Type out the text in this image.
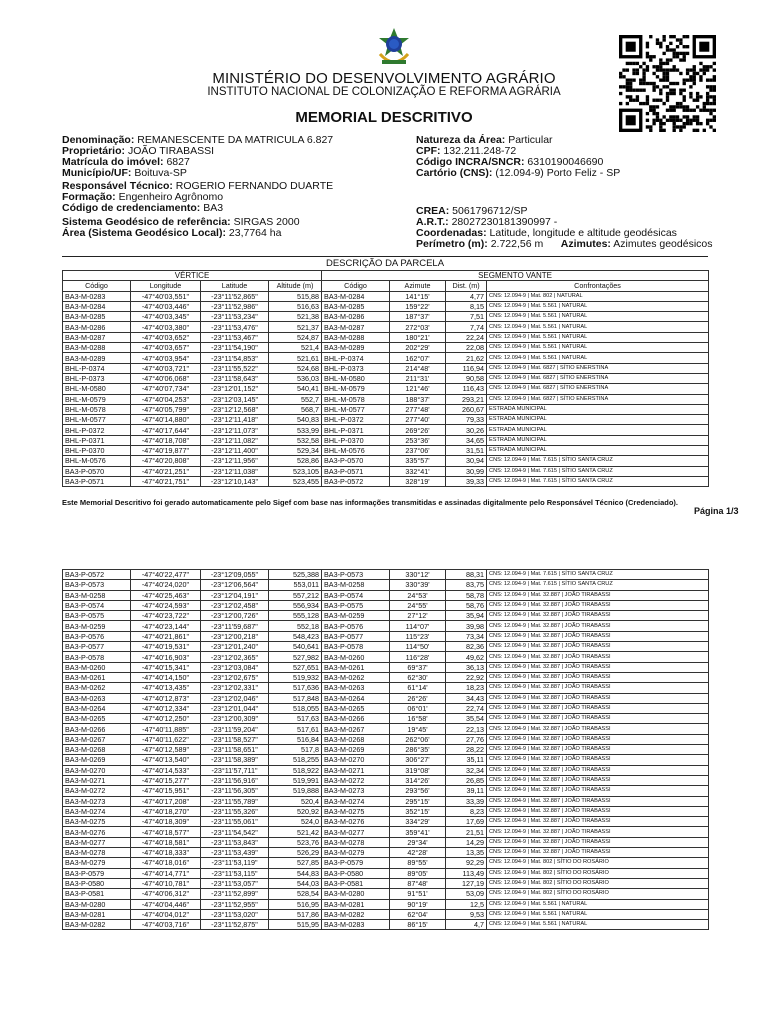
MINISTÉRIO DO DESENVOLVIMENTO AGRÁRIO
INSTITUTO NACIONAL DE COLONIZAÇÃO E REFORMA AGRÁRIA
MEMORIAL DESCRITIVO
Denominação: REMANESCENTE DA MATRICULA 6.827
Proprietário: JOÃO TIRABASSI
Matrícula do imóvel: 6827
Município/UF: Boituva-SP
Natureza da Área: Particular
CPF: 132.211.248-72
Código INCRA/SNCR: 6310190046690
Cartório (CNS): (12.094-9) Porto Feliz - SP
Responsável Técnico: ROGERIO FERNANDO DUARTE
Formação: Engenheiro Agrônomo
Código de credenciamento: BA3
Sistema Geodésico de referência: SIRGAS 2000
Área (Sistema Geodésico Local): 23,7764 ha
CREA: 5061796712/SP
A.R.T.: 28027230181390997 -
Coordenadas: Latitude, longitude e altitude geodésicas
Perímetro (m): 2.722,56 m Azimutes: Azimutes geodésicos
DESCRIÇÃO DA PARCELA
VÉRTICE				SEGMENTO VANTE			
Código	Longitude	Latitude	Altitude (m)	Código	Azimute	Dist. (m)	Confrontações
BA3-M-0283	-47°40'03,551"	-23°11'52,865"	515,88	BA3-M-0284	141°15'	4,77	CNS: 12.094-9 | Mat. 802 | NATURAL
BA3-M-0284	-47°40'03,446"	-23°11'52,986"	516,63	BA3-M-0285	159°22'	8,15	CNS: 12.094-9 | Mat. 5.561 | NATURAL
BA3-M-0285	-47°40'03,345"	-23°11'53,234"	521,38	BA3-M-0286	187°37'	7,51	CNS: 12.094-9 | Mat. 5.561 | NATURAL
BA3-M-0286	-47°40'03,380"	-23°11'53,476"	521,37	BA3-M-0287	272°03'	7,74	CNS: 12.094-9 | Mat. 5.561 | NATURAL
BA3-M-0287	-47°40'03,652"	-23°11'53,467"	524,87	BA3-M-0288	180°21'	22,24	CNS: 12.094-9 | Mat. 5.561 | NATURAL
BA3-M-0288	-47°40'03,657"	-23°11'54,190"	521,4	BA3-M-0289	202°29'	22,08	CNS: 12.094-9 | Mat. 5.561 | NATURAL
BA3-M-0289	-47°40'03,954"	-23°11'54,853"	521,61	BHL-P-0374	162°07'	21,62	CNS: 12.094-9 | Mat. 5.561 | NATURAL
BHL-P-0374	-47°40'03,721"	-23°11'55,522"	524,68	BHL-P-0373	214°48'	116,94	CNS: 12.094-9 | Mat. 6827 | SÍTIO ENERSTINA
BHL-P-0373	-47°40'06,068"	-23°11'58,643"	536,03	BHL-M-0580	211°31'	90,58	CNS: 12.094-9 | Mat. 6827 | SÍTIO ENERSTINA
BHL-M-0580	-47°40'07,734"	-23°12'01,152"	540,41	BHL-M-0579	121°46'	116,43	CNS: 12.094-9 | Mat. 6827 | SÍTIO ENERSTINA
BHL-M-0579	-47°40'04,253"	-23°12'03,145"	552,7	BHL-M-0578	188°37'	293,21	CNS: 12.094-9 | Mat. 6827 | SÍTIO ENERSTINA
BHL-M-0578	-47°40'05,799"	-23°12'12,568"	568,7	BHL-M-0577	277°48'	260,67	ESTRADA MUNICIPAL
BHL-M-0577	-47°40'14,880"	-23°12'11,418"	540,83	BHL-P-0372	277°40'	79,33	ESTRADA MUNICIPAL
BHL-P-0372	-47°40'17,644"	-23°12'11,073"	533,99	BHL-P-0371	269°26'	30,26	ESTRADA MUNICIPAL
BHL-P-0371	-47°40'18,708"	-23°12'11,082"	532,58	BHL-P-0370	253°36'	34,65	ESTRADA MUNICIPAL
BHL-P-0370	-47°40'19,877"	-23°12'11,400"	529,34	BHL-M-0576	237°06'	31,51	ESTRADA MUNICIPAL
BHL-M-0576	-47°40'20,808"	-23°12'11,956"	528,86	BA3-P-0570	335°57'	30,94	CNS: 12.094-9 | Mat. 7.615 | SÍTIO SANTA CRUZ
BA3-P-0570	-47°40'21,251"	-23°12'11,038"	523,105	BA3-P-0571	332°41'	30,99	CNS: 12.094-9 | Mat. 7.615 | SÍTIO SANTA CRUZ
BA3-P-0571	-47°40'21,751"	-23°12'10,143"	523,455	BA3-P-0572	328°19'	39,33	CNS: 12.094-9 | Mat. 7.615 | SÍTIO SANTA CRUZ
Este Memorial Descritivo foi gerado automaticamente pelo Sigef com base nas informações transmitidas e assinadas digitalmente pelo Responsável Técnico (Credenciado).
Página 1/3
BA3-P-0572	-47°40'22,477"	-23°12'09,055"	525,388	BA3-P-0573	330°12'	88,31	CNS: 12.094-9 | Mat. 7.615 | SÍTIO SANTA CRUZ
BA3-P-0573	-47°40'24,020"	-23°12'06,564"	553,011	BA3-M-0258	330°39'	83,75	CNS: 12.094-9 | Mat. 7.615 | SÍTIO SANTA CRUZ
BA3-M-0258	-47°40'25,463"	-23°12'04,191"	557,212	BA3-P-0574	24°53'	58,78	CNS: 12.094-9 | Mat. 32.887 | JOÃO TIRABASSI
BA3-P-0574	-47°40'24,593"	-23°12'02,458"	556,934	BA3-P-0575	24°55'	58,76	CNS: 12.094-9 | Mat. 32.887 | JOÃO TIRABASSI
BA3-P-0575	-47°40'23,722"	-23°12'00,726"	555,128	BA3-M-0259	27°12'	35,94	CNS: 12.094-9 | Mat. 32.887 | JOÃO TIRABASSI
BA3-M-0259	-47°40'23,144"	-23°11'59,687"	552,18	BA3-P-0576	114°07'	39,98	CNS: 12.094-9 | Mat. 32.887 | JOÃO TIRABASSI
BA3-P-0576	-47°40'21,861"	-23°12'00,218"	548,423	BA3-P-0577	115°23'	73,34	CNS: 12.094-9 | Mat. 32.887 | JOÃO TIRABASSI
BA3-P-0577	-47°40'19,531"	-23°12'01,240"	540,641	BA3-P-0578	114°50'	82,36	CNS: 12.094-9 | Mat. 32.887 | JOÃO TIRABASSI
BA3-P-0578	-47°40'16,903"	-23°12'02,365"	527,982	BA3-M-0260	116°28'	49,62	CNS: 12.094-9 | Mat. 32.887 | JOÃO TIRABASSI
BA3-M-0260	-47°40'15,341"	-23°12'03,084"	527,651	BA3-M-0261	69°37'	36,13	CNS: 12.094-9 | Mat. 32.887 | JOÃO TIRABASSI
BA3-M-0261	-47°40'14,150"	-23°12'02,675"	519,932	BA3-M-0262	62°30'	22,92	CNS: 12.094-9 | Mat. 32.887 | JOÃO TIRABASSI
BA3-M-0262	-47°40'13,435"	-23°12'02,331"	517,636	BA3-M-0263	61°14'	18,23	CNS: 12.094-9 | Mat. 32.887 | JOÃO TIRABASSI
BA3-M-0263	-47°40'12,873"	-23°12'02,046"	517,848	BA3-M-0264	26°26'	34,43	CNS: 12.094-9 | Mat. 32.887 | JOÃO TIRABASSI
BA3-M-0264	-47°40'12,334"	-23°12'01,044"	518,055	BA3-M-0265	06°01'	22,74	CNS: 12.094-9 | Mat. 32.887 | JOÃO TIRABASSI
BA3-M-0265	-47°40'12,250"	-23°12'00,309"	517,63	BA3-M-0266	16°58'	35,54	CNS: 12.094-9 | Mat. 32.887 | JOÃO TIRABASSI
BA3-M-0266	-47°40'11,885"	-23°11'59,204"	517,61	BA3-M-0267	19°45'	22,13	CNS: 12.094-9 | Mat. 32.887 | JOÃO TIRABASSI
BA3-M-0267	-47°40'11,622"	-23°11'58,527"	516,84	BA3-M-0268	262°06'	27,76	CNS: 12.094-9 | Mat. 32.887 | JOÃO TIRABASSI
BA3-M-0268	-47°40'12,589"	-23°11'58,651"	517,8	BA3-M-0269	286°35'	28,22	CNS: 12.094-9 | Mat. 32.887 | JOÃO TIRABASSI
BA3-M-0269	-47°40'13,540"	-23°11'58,389"	518,255	BA3-M-0270	306°27'	35,11	CNS: 12.094-9 | Mat. 32.887 | JOÃO TIRABASSI
BA3-M-0270	-47°40'14,533"	-23°11'57,711"	518,922	BA3-M-0271	319°08'	32,34	CNS: 12.094-9 | Mat. 32.887 | JOÃO TIRABASSI
BA3-M-0271	-47°40'15,277"	-23°11'56,916"	519,991	BA3-M-0272	314°26'	26,85	CNS: 12.094-9 | Mat. 32.887 | JOÃO TIRABASSI
BA3-M-0272	-47°40'15,951"	-23°11'56,305"	519,888	BA3-M-0273	293°56'	39,11	CNS: 12.094-9 | Mat. 32.887 | JOÃO TIRABASSI
BA3-M-0273	-47°40'17,208"	-23°11'55,789"	520,4	BA3-M-0274	295°15'	33,39	CNS: 12.094-9 | Mat. 32.887 | JOÃO TIRABASSI
BA3-M-0274	-47°40'18,270"	-23°11'55,326"	520,92	BA3-M-0275	352°15'	8,23	CNS: 12.094-9 | Mat. 32.887 | JOÃO TIRABASSI
BA3-M-0275	-47°40'18,309"	-23°11'55,061"	524,0	BA3-M-0276	334°29'	17,69	CNS: 12.094-9 | Mat. 32.887 | JOÃO TIRABASSI
BA3-M-0276	-47°40'18,577"	-23°11'54,542"	521,42	BA3-M-0277	359°41'	21,51	CNS: 12.094-9 | Mat. 32.887 | JOÃO TIRABASSI
BA3-M-0277	-47°40'18,581"	-23°11'53,843"	523,76	BA3-M-0278	29°34'	14,29	CNS: 12.094-9 | Mat. 32.887 | JOÃO TIRABASSI
BA3-M-0278	-47°40'18,333"	-23°11'53,439"	526,29	BA3-M-0279	42°28'	13,35	CNS: 12.094-9 | Mat. 32.887 | JOÃO TIRABASSI
BA3-M-0279	-47°40'18,016"	-23°11'53,119"	527,85	BA3-P-0579	89°55'	92,29	CNS: 12.094-9 | Mat. 802 | SÍTIO DO ROSÁRIO
BA3-P-0579	-47°40'14,771"	-23°11'53,115"	544,83	BA3-P-0580	89°05'	113,49	CNS: 12.094-9 | Mat. 802 | SÍTIO DO ROSÁRIO
BA3-P-0580	-47°40'10,781"	-23°11'53,057"	544,03	BA3-P-0581	87°48'	127,19	CNS: 12.094-9 | Mat. 802 | SÍTIO DO ROSÁRIO
BA3-P-0581	-47°40'06,312"	-23°11'52,899"	528,54	BA3-M-0280	91°51'	53,09	CNS: 12.094-9 | Mat. 802 | SÍTIO DO ROSÁRIO
BA3-M-0280	-47°40'04,446"	-23°11'52,955"	516,95	BA3-M-0281	90°19'	12,5	CNS: 12.094-9 | Mat. 5.561 | NATURAL
BA3-M-0281	-47°40'04,012"	-23°11'53,020"	517,86	BA3-M-0282	62°04'	9,53	CNS: 12.094-9 | Mat. 5.561 | NATURAL
BA3-M-0282	-47°40'03,716"	-23°11'52,875"	515,95	BA3-M-0283	86°15'	4,7	CNS: 12.094-9 | Mat. 5.561 | NATURAL
